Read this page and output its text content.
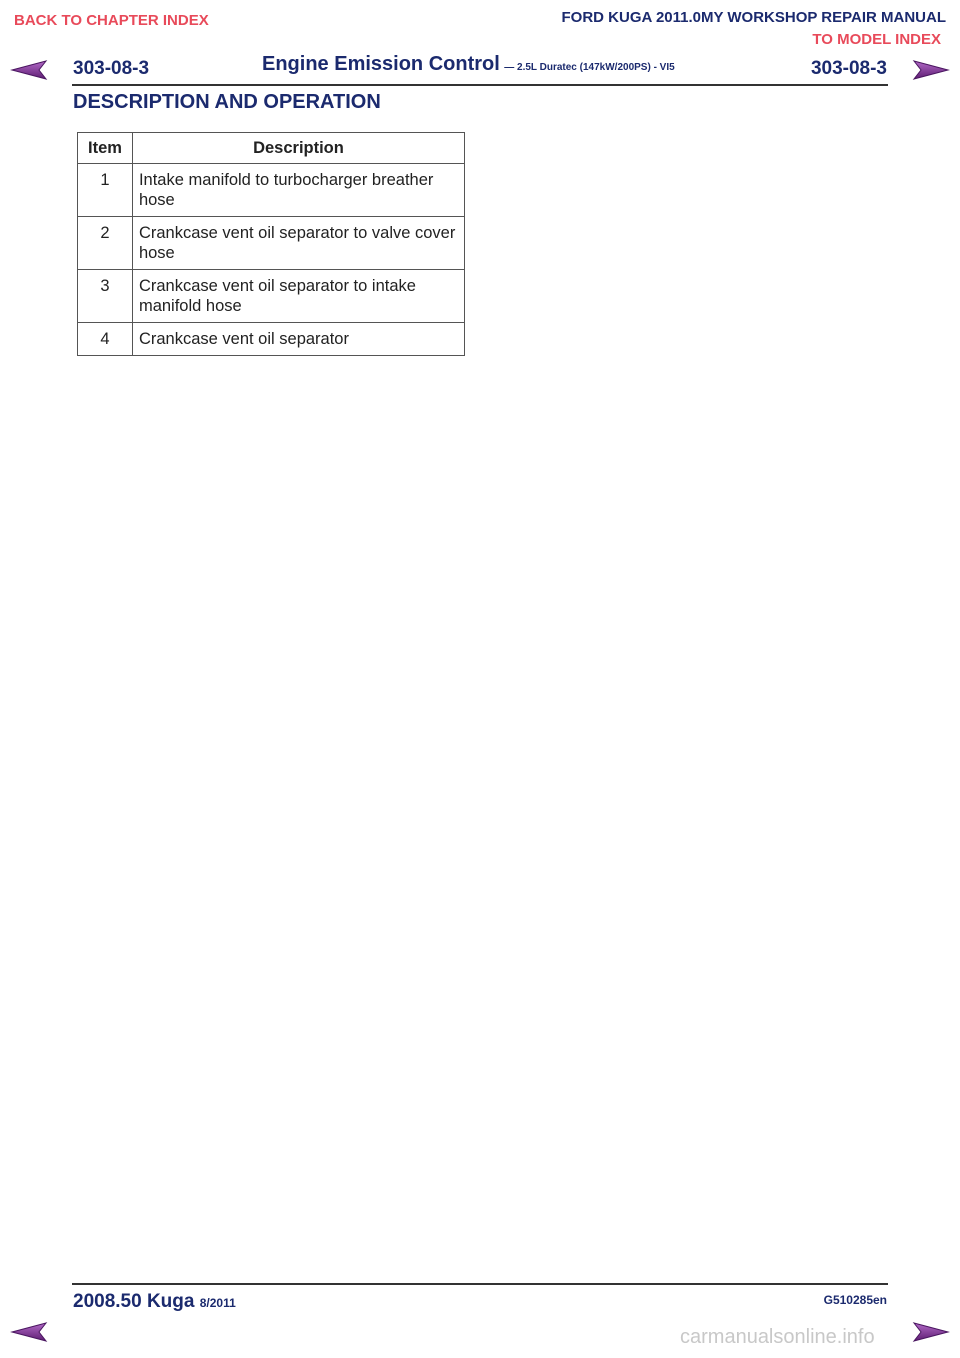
BACK TO CHAPTER INDEX	FORD KUGA 2011.0MY WORKSHOP REPAIR MANUAL
TO MODEL INDEX
303-08-3	Engine Emission Control — 2.5L Duratec (147kW/200PS) - VI5	303-08-3
DESCRIPTION AND OPERATION
Item	Description
1	Intake manifold to turbocharger breather hose
2	Crankcase vent oil separator to valve cover hose
3	Crankcase vent oil separator to intake manifold hose
4	Crankcase vent oil separator
2008.50 Kuga 8/2011	G510285en
carmanualsonline.info
